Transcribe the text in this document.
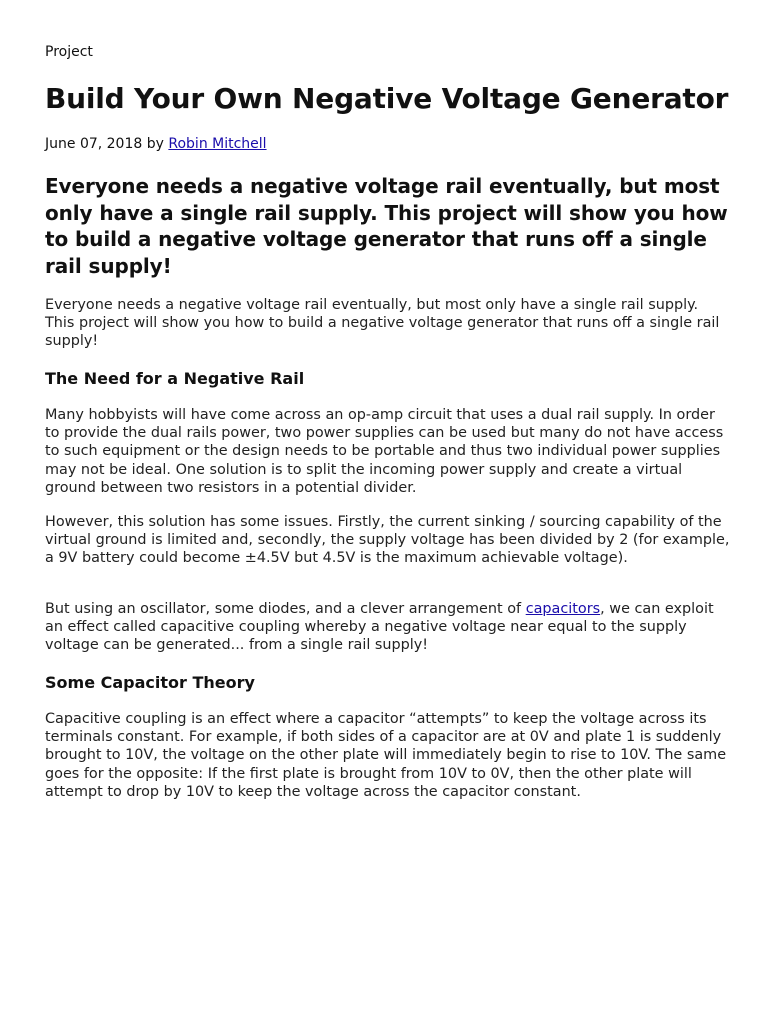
Project
Build Your Own Negative Voltage Generator
June 07, 2018 by Robin Mitchell

Everyone needs a negative voltage rail eventually, but most only have a single rail supply. This project will show you how to build a negative voltage generator that runs off a single rail supply!

Everyone needs a negative voltage rail eventually, but most only have a single rail supply. This project will show you how to build a negative voltage generator that runs off a single rail supply!

The Need for a Negative Rail

Many hobbyists will have come across an op-amp circuit that uses a dual rail supply. In order to provide the dual rails power, two power supplies can be used but many do not have access to such equipment or the design needs to be portable and thus two individual power supplies may not be ideal. One solution is to split the incoming power supply and create a virtual ground between two resistors in a potential divider.

However, this solution has some issues. Firstly, the current sinking / sourcing capability of the virtual ground is limited and, secondly, the supply voltage has been divided by 2 (for example, a 9V battery could become ±4.5V but 4.5V is the maximum achievable voltage).

But using an oscillator, some diodes, and a clever arrangement of capacitors, we can exploit an effect called capacitive coupling whereby a negative voltage near equal to the supply voltage can be generated... from a single rail supply!

Some Capacitor Theory

Capacitive coupling is an effect where a capacitor “attempts” to keep the voltage across its terminals constant. For example, if both sides of a capacitor are at 0V and plate 1 is suddenly brought to 10V, the voltage on the other plate will immediately begin to rise to 10V. The same goes for the opposite: If the first plate is brought from 10V to 0V, then the other plate will attempt to drop by 10V to keep the voltage across the capacitor constant.
